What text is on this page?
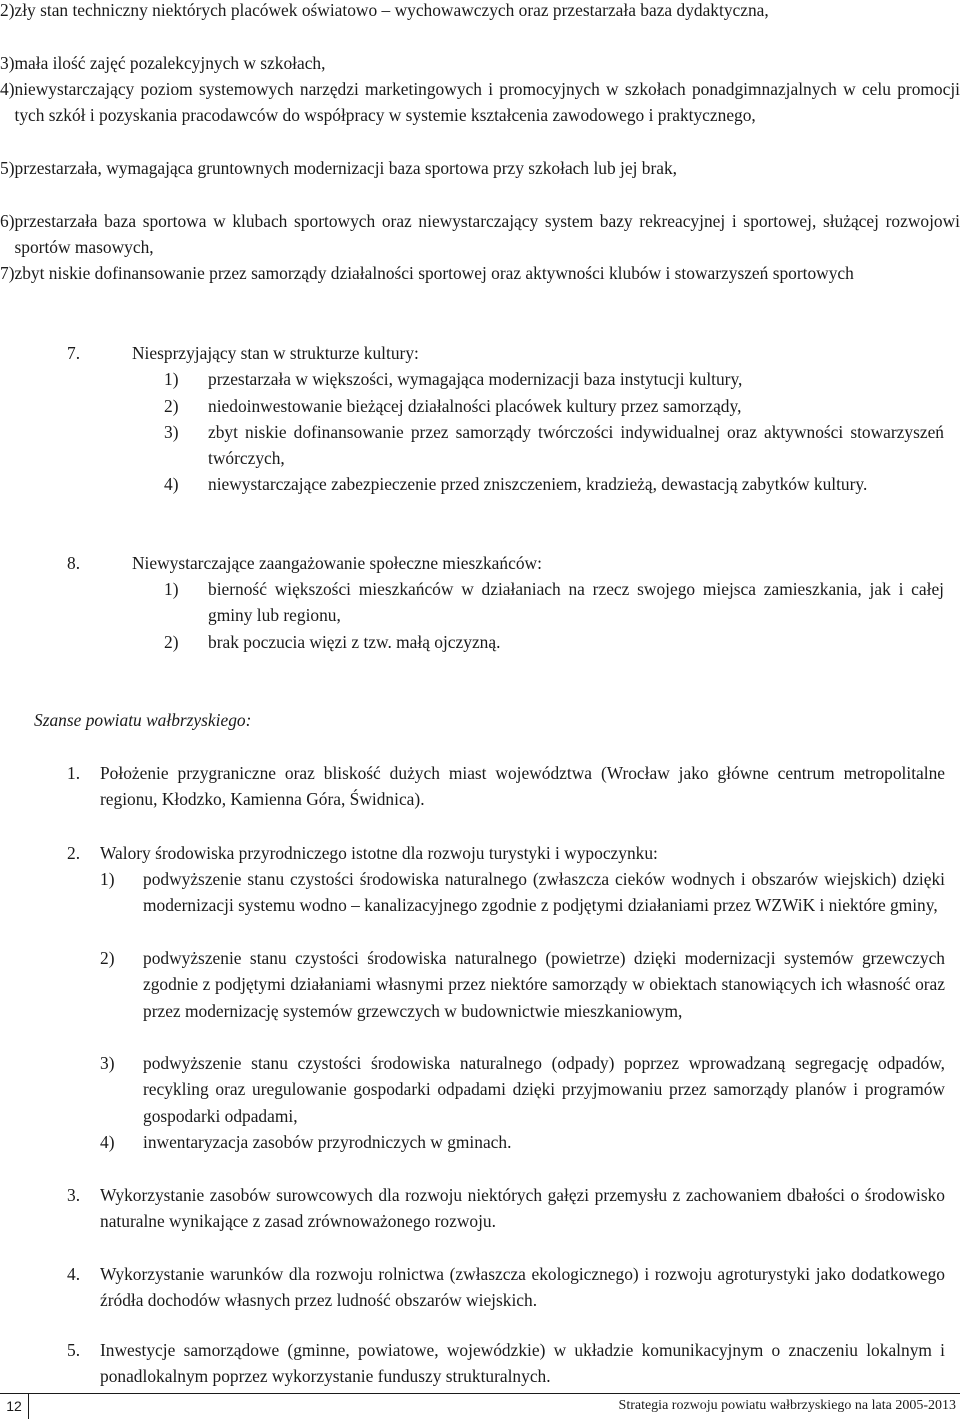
2) zły stan techniczny niektórych placówek oświatowo – wychowawczych oraz przestarzała baza dydaktyczna,
3) mała ilość zajęć pozalekcyjnych w szkołach,
4) niewystarczający poziom systemowych narzędzi marketingowych i promocyjnych w szkołach ponadgimnazjalnych w celu promocji tych szkół i pozyskania pracodawców do współpracy w systemie kształcenia zawodowego i praktycznego,
5) przestarzała, wymagająca gruntownych modernizacji baza sportowa przy szkołach lub jej brak,
6) przestarzała baza sportowa w klubach sportowych oraz niewystarczający system bazy rekreacyjnej i sportowej, służącej rozwojowi sportów masowych,
7) zbyt niskie dofinansowanie przez samorządy działalności sportowej oraz aktywności klubów i stowarzyszeń sportowych
7.	Niesprzyjający stan w strukturze kultury:
1)	przestarzała w większości, wymagająca modernizacji baza instytucji kultury,
2)	niedoinwestowanie bieżącej działalności placówek kultury przez samorządy,
3)	zbyt niskie dofinansowanie przez samorządy twórczości indywidualnej oraz aktywności stowarzyszeń twórczych,
4)	niewystarczające zabezpieczenie przed zniszczeniem, kradzieżą, dewastacją zabytków kultury.
8.	Niewystarczające zaangażowanie społeczne mieszkańców:
1)	bierność większości mieszkańców w działaniach na rzecz swojego miejsca zamieszkania, jak i całej gminy lub regionu,
2)	brak poczucia więzi z tzw. małą ojczyzną.
Szanse powiatu wałbrzyskiego:
1.	Położenie przygraniczne oraz bliskość dużych miast województwa (Wrocław jako główne centrum metropolitalne regionu, Kłodzko, Kamienna Góra, Świdnica).
2.	Walory środowiska przyrodniczego istotne dla rozwoju turystyki i wypoczynku:
1)	podwyższenie stanu czystości środowiska naturalnego (zwłaszcza cieków wodnych i obszarów wiejskich) dzięki modernizacji systemu wodno – kanalizacyjnego zgodnie z podjętymi działaniami przez WZWiK i niektóre gminy,
2)	podwyższenie stanu czystości środowiska naturalnego (powietrze) dzięki modernizacji systemów grzewczych zgodnie z podjętymi działaniami własnymi przez niektóre samorządy w obiektach stanowiących ich własność oraz przez modernizację systemów grzewczych w budownictwie mieszkaniowym,
3)	podwyższenie stanu czystości środowiska naturalnego (odpady) poprzez wprowadzaną segregację odpadów, recykling oraz uregulowanie gospodarki odpadami dzięki przyjmowaniu przez samorządy planów i programów gospodarki odpadami,
4)	inwentaryzacja zasobów przyrodniczych w gminach.
3.	Wykorzystanie zasobów surowcowych dla rozwoju niektórych gałęzi przemysłu z zachowaniem dbałości o środowisko naturalne wynikające z zasad zrównoważonego rozwoju.
4.	Wykorzystanie warunków dla rozwoju rolnictwa (zwłaszcza ekologicznego) i rozwoju agroturystyki jako dodatkowego źródła dochodów własnych przez ludność obszarów wiejskich.
5.	Inwestycje samorządowe (gminne, powiatowe, wojewódzkie) w układzie komunikacyjnym o znaczeniu lokalnym i ponadlokalnym poprzez wykorzystanie funduszy strukturalnych.
12	Strategia rozwoju powiatu wałbrzyskiego na lata 2005-2013
